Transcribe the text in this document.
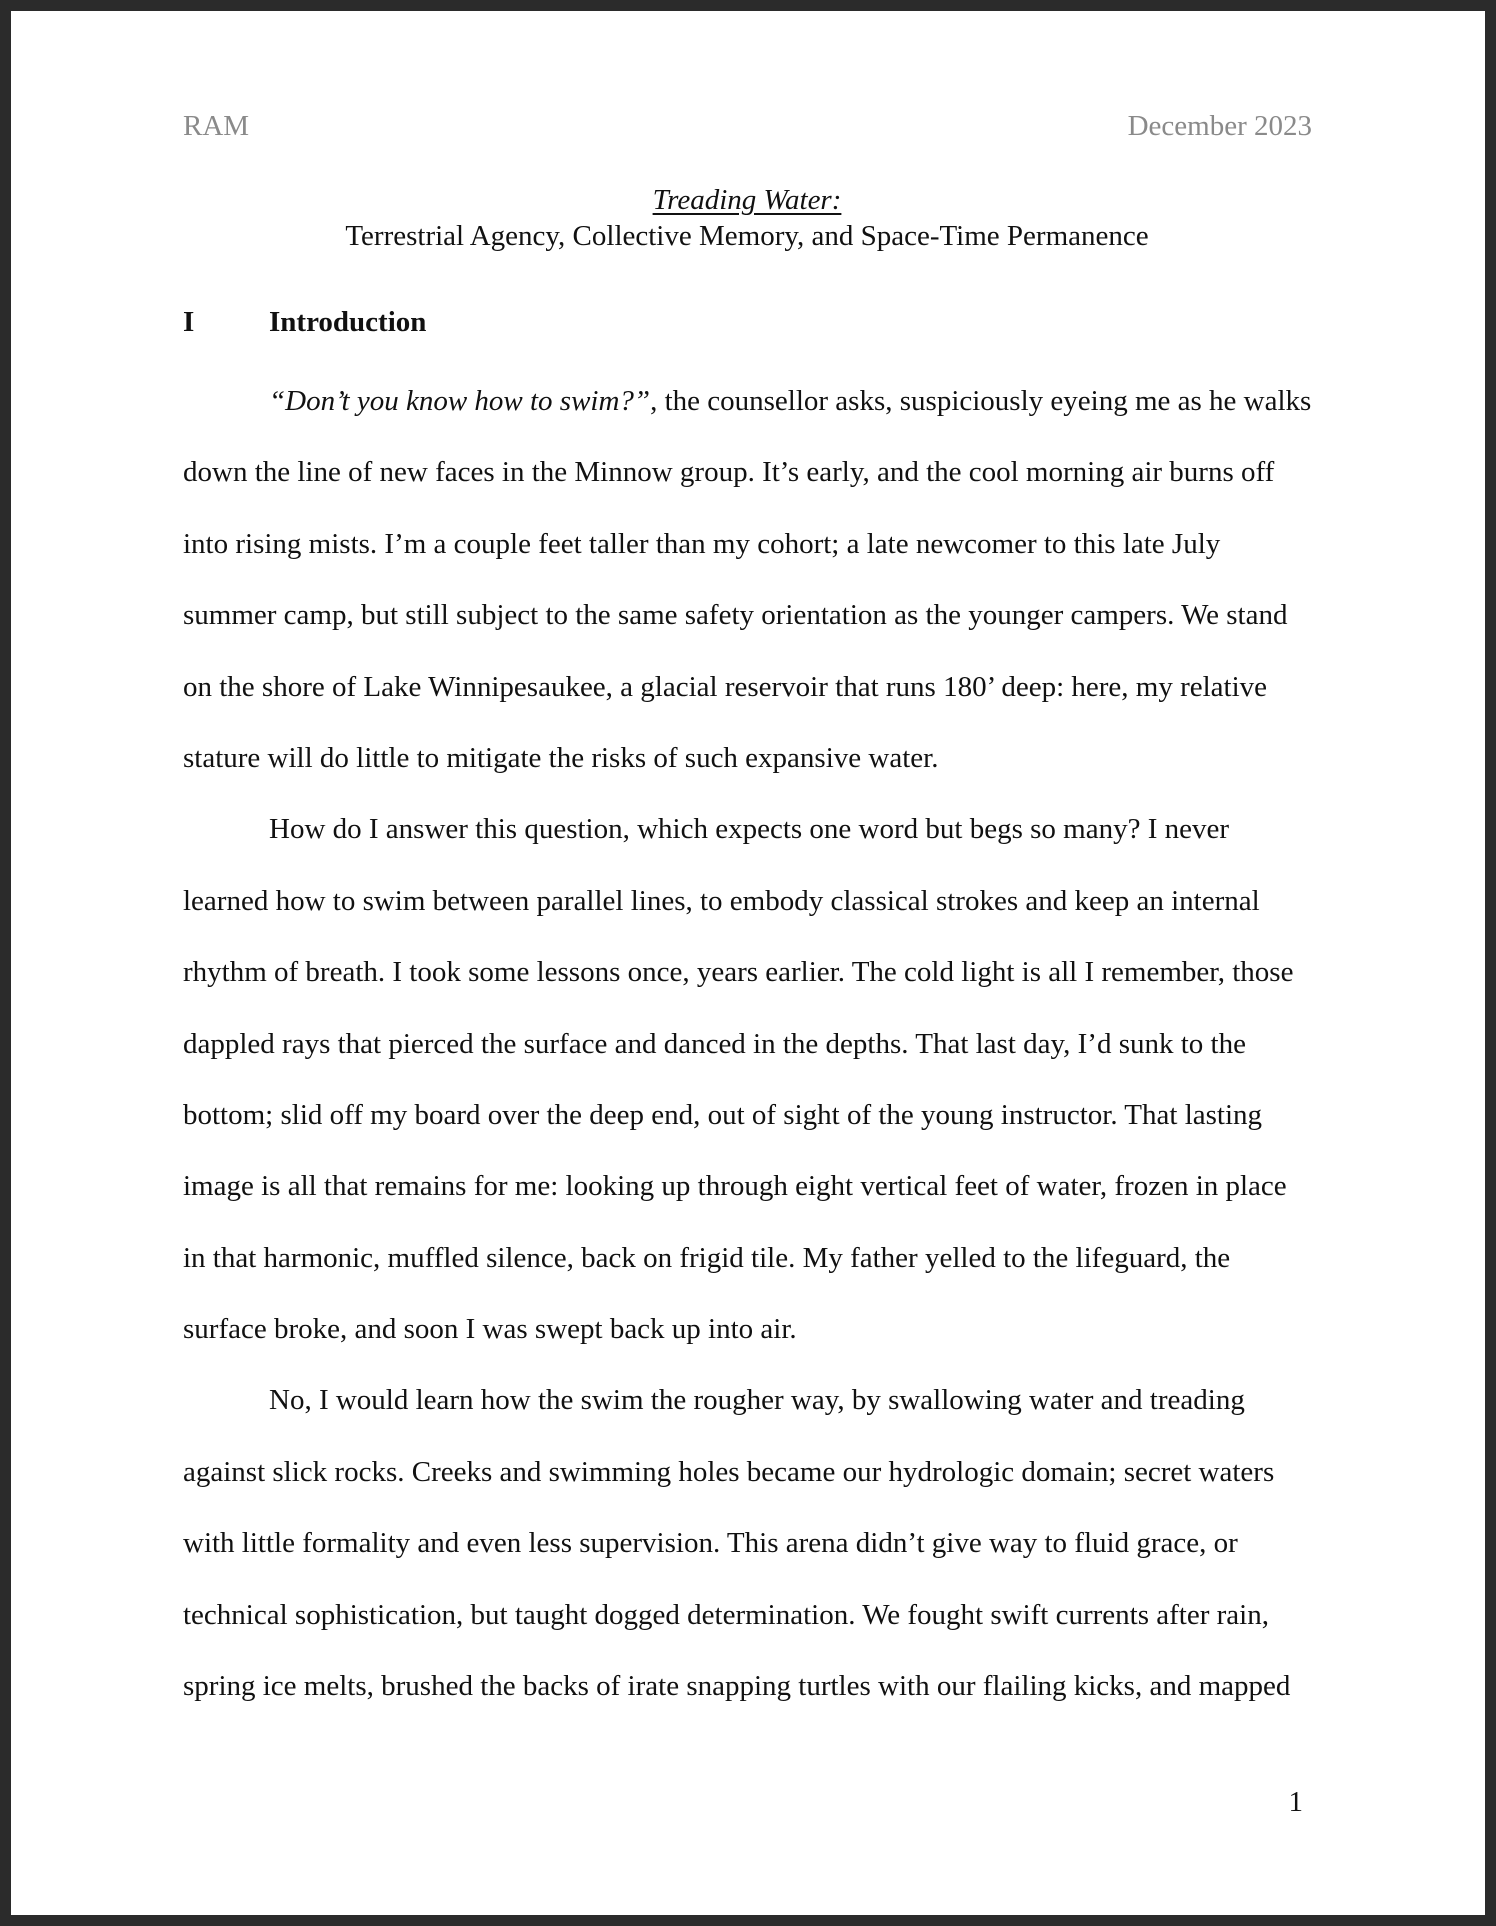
RAM	December 2023
Treading Water:
Terrestrial Agency, Collective Memory, and Space-Time Permanence
I	Introduction
“Don’t you know how to swim?”, the counsellor asks, suspiciously eyeing me as he walks
down the line of new faces in the Minnow group. It’s early, and the cool morning air burns off
into rising mists. I’m a couple feet taller than my cohort; a late newcomer to this late July
summer camp, but still subject to the same safety orientation as the younger campers. We stand
on the shore of Lake Winnipesaukee, a glacial reservoir that runs 180’ deep: here, my relative
stature will do little to mitigate the risks of such expansive water.
How do I answer this question, which expects one word but begs so many? I never
learned how to swim between parallel lines, to embody classical strokes and keep an internal
rhythm of breath. I took some lessons once, years earlier. The cold light is all I remember, those
dappled rays that pierced the surface and danced in the depths. That last day, I’d sunk to the
bottom; slid off my board over the deep end, out of sight of the young instructor. That lasting
image is all that remains for me: looking up through eight vertical feet of water, frozen in place
in that harmonic, muffled silence, back on frigid tile. My father yelled to the lifeguard, the
surface broke, and soon I was swept back up into air.
No, I would learn how the swim the rougher way, by swallowing water and treading
against slick rocks. Creeks and swimming holes became our hydrologic domain; secret waters
with little formality and even less supervision. This arena didn’t give way to fluid grace, or
technical sophistication, but taught dogged determination. We fought swift currents after rain,
spring ice melts, brushed the backs of irate snapping turtles with our flailing kicks, and mapped
1
